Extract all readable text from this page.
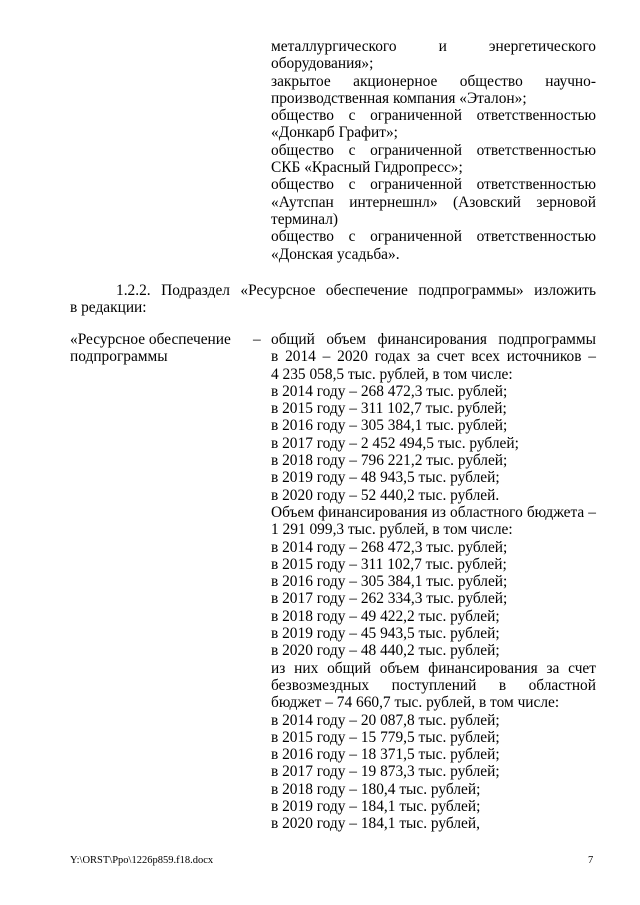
металлургического и энергетического

оборудования»;

закрытое акционерное общество научно-

производственная компания «Эталон»;

общество с ограниченной ответственностью

«Донкарб Графит»;

общество с ограниченной ответственностью

СКБ «Красный Гидропресс»;

общество с ограниченной ответственностью

«Аутспан интернешнл» (Азовский зерновой

терминал)

общество с ограниченной ответственностью

«Донская усадьба».

1.2.2. Подраздел «Ресурсное обеспечение подпрограммы» изложить
в редакции:

«Ресурсное обеспечение
подпрограммы

– общий объем финансирования подпрограммы

в 2014 – 2020 годах за счет всех источников –

4 235 058,5 тыс. рублей, в том числе:

в 2014 году – 268 472,3 тыс. рублей;

в 2015 году – 311 102,7 тыс. рублей;

в 2016 году – 305 384,1 тыс. рублей;

в 2017 году – 2 452 494,5 тыс. рублей;

в 2018 году – 796 221,2 тыс. рублей;

в 2019 году – 48 943,5 тыс. рублей;

в 2020 году – 52 440,2 тыс. рублей.

Объем финансирования из областного бюджета –

1 291 099,3 тыс. рублей, в том числе:

в 2014 году – 268 472,3 тыс. рублей;

в 2015 году – 311 102,7 тыс. рублей;

в 2016 году – 305 384,1 тыс. рублей;

в 2017 году – 262 334,3 тыс. рублей;

в 2018 году – 49 422,2 тыс. рублей;

в 2019 году – 45 943,5 тыс. рублей;

в 2020 году – 48 440,2 тыс. рублей;

из них общий объем финансирования за счет

безвозмездных поступлений в областной

бюджет – 74 660,7 тыс. рублей, в том числе:

в 2014 году – 20 087,8 тыс. рублей;

в 2015 году – 15 779,5 тыс. рублей;

в 2016 году – 18 371,5 тыс. рублей;

в 2017 году – 19 873,3 тыс. рублей;

в 2018 году – 180,4 тыс. рублей;

в 2019 году – 184,1 тыс. рублей;

в 2020 году – 184,1 тыс. рублей,

Y:\ORST\Ppo\1226p859.f18.docx	7
